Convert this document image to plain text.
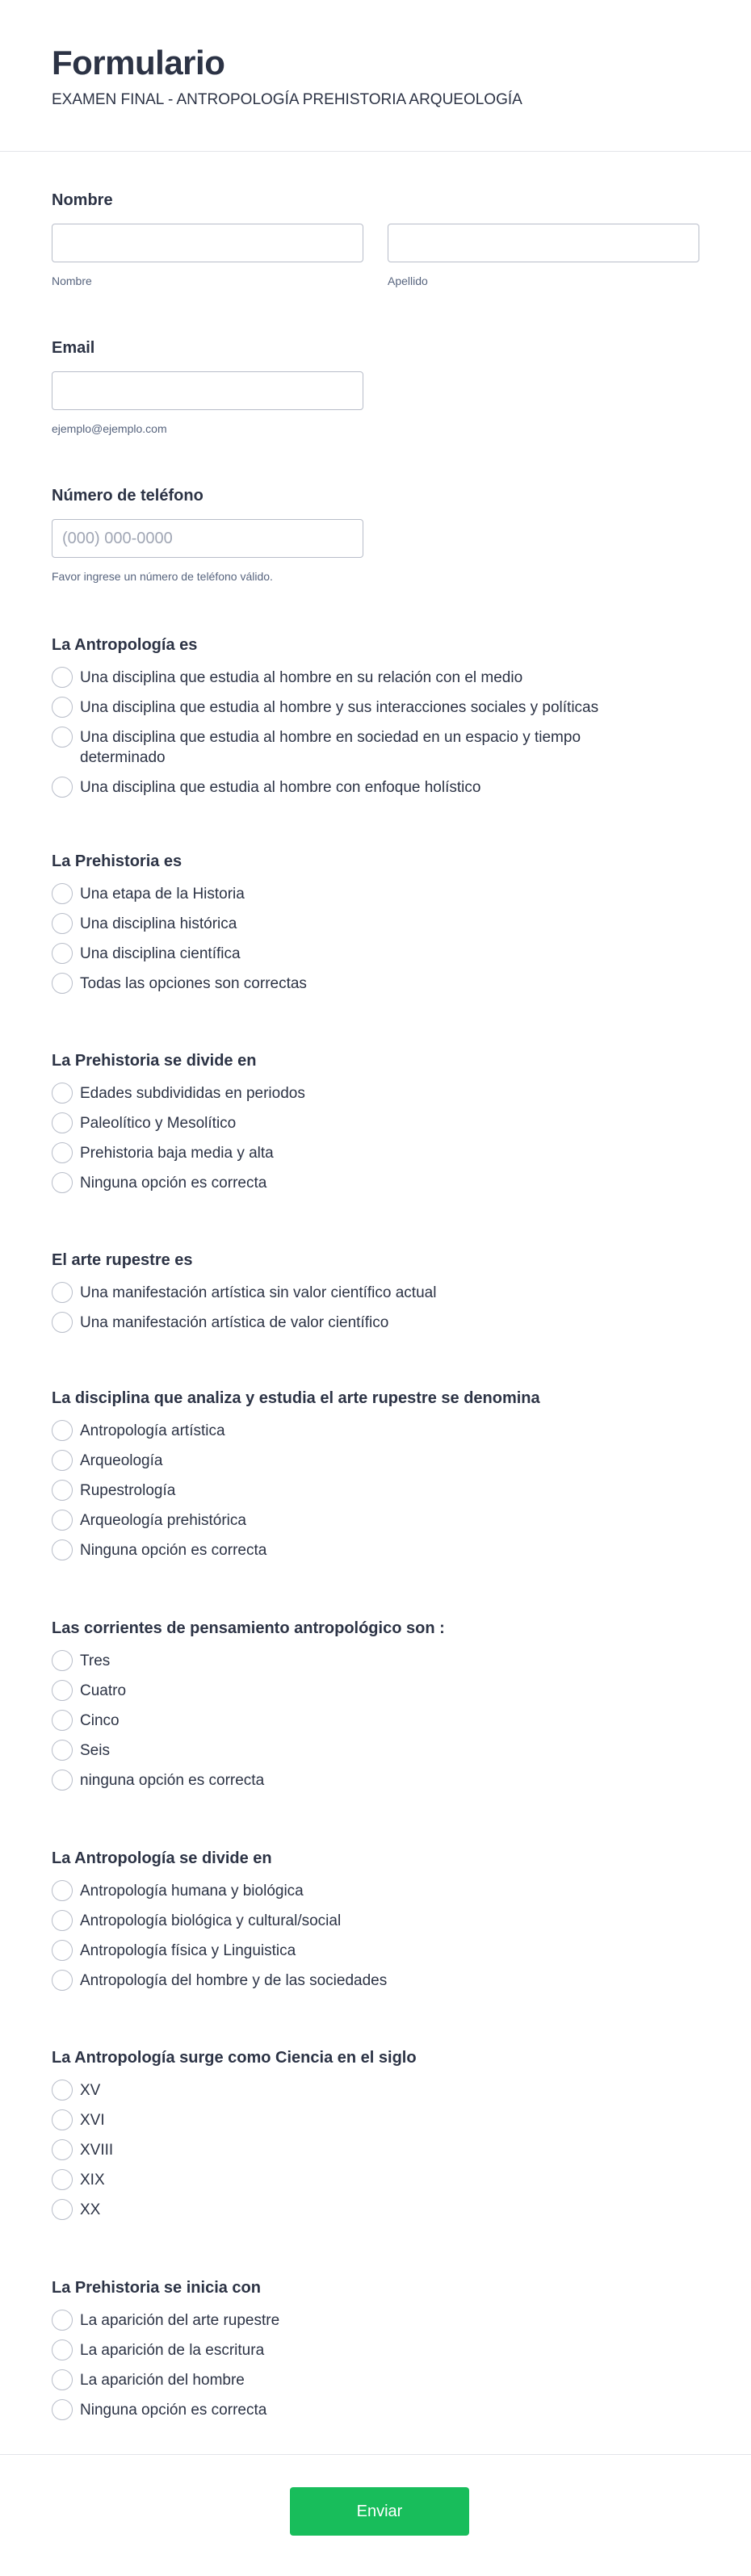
Formulario
EXAMEN FINAL - ANTROPOLOGÍA PREHISTORIA ARQUEOLOGÍA
Nombre
Nombre	Apellido
Email
ejemplo@ejemplo.com
Número de teléfono
(000) 000-0000
Favor ingrese un número de teléfono válido.
La Antropología es
Una disciplina que estudia al hombre en su relación con el medio
Una disciplina que estudia al hombre y sus interacciones sociales y políticas
Una disciplina que estudia al hombre en sociedad en un espacio y tiempo determinado
Una disciplina que estudia al hombre con enfoque holístico
La Prehistoria es
Una etapa de la Historia
Una disciplina histórica
Una disciplina científica
Todas las opciones son correctas
La Prehistoria se divide en
Edades subdivididas en periodos
Paleolítico y Mesolítico
Prehistoria baja media y alta
Ninguna opción es correcta
El arte rupestre es
Una manifestación artística sin valor científico actual
Una manifestación artística de valor científico
La disciplina que analiza y estudia el arte rupestre se denomina
Antropología artística
Arqueología
Rupestrología
Arqueología prehistórica
Ninguna opción es correcta
Las corrientes de pensamiento antropológico son :
Tres
Cuatro
Cinco
Seis
ninguna opción es correcta
La Antropología se divide en
Antropología humana y biológica
Antropología biológica y cultural/social
Antropología física y Linguistica
Antropología del hombre y de las sociedades
La Antropología surge como Ciencia en el siglo
XV
XVI
XVIII
XIX
XX
La Prehistoria se inicia con
La aparición del arte rupestre
La aparición de la escritura
La aparición del hombre
Ninguna opción es correcta
Enviar
